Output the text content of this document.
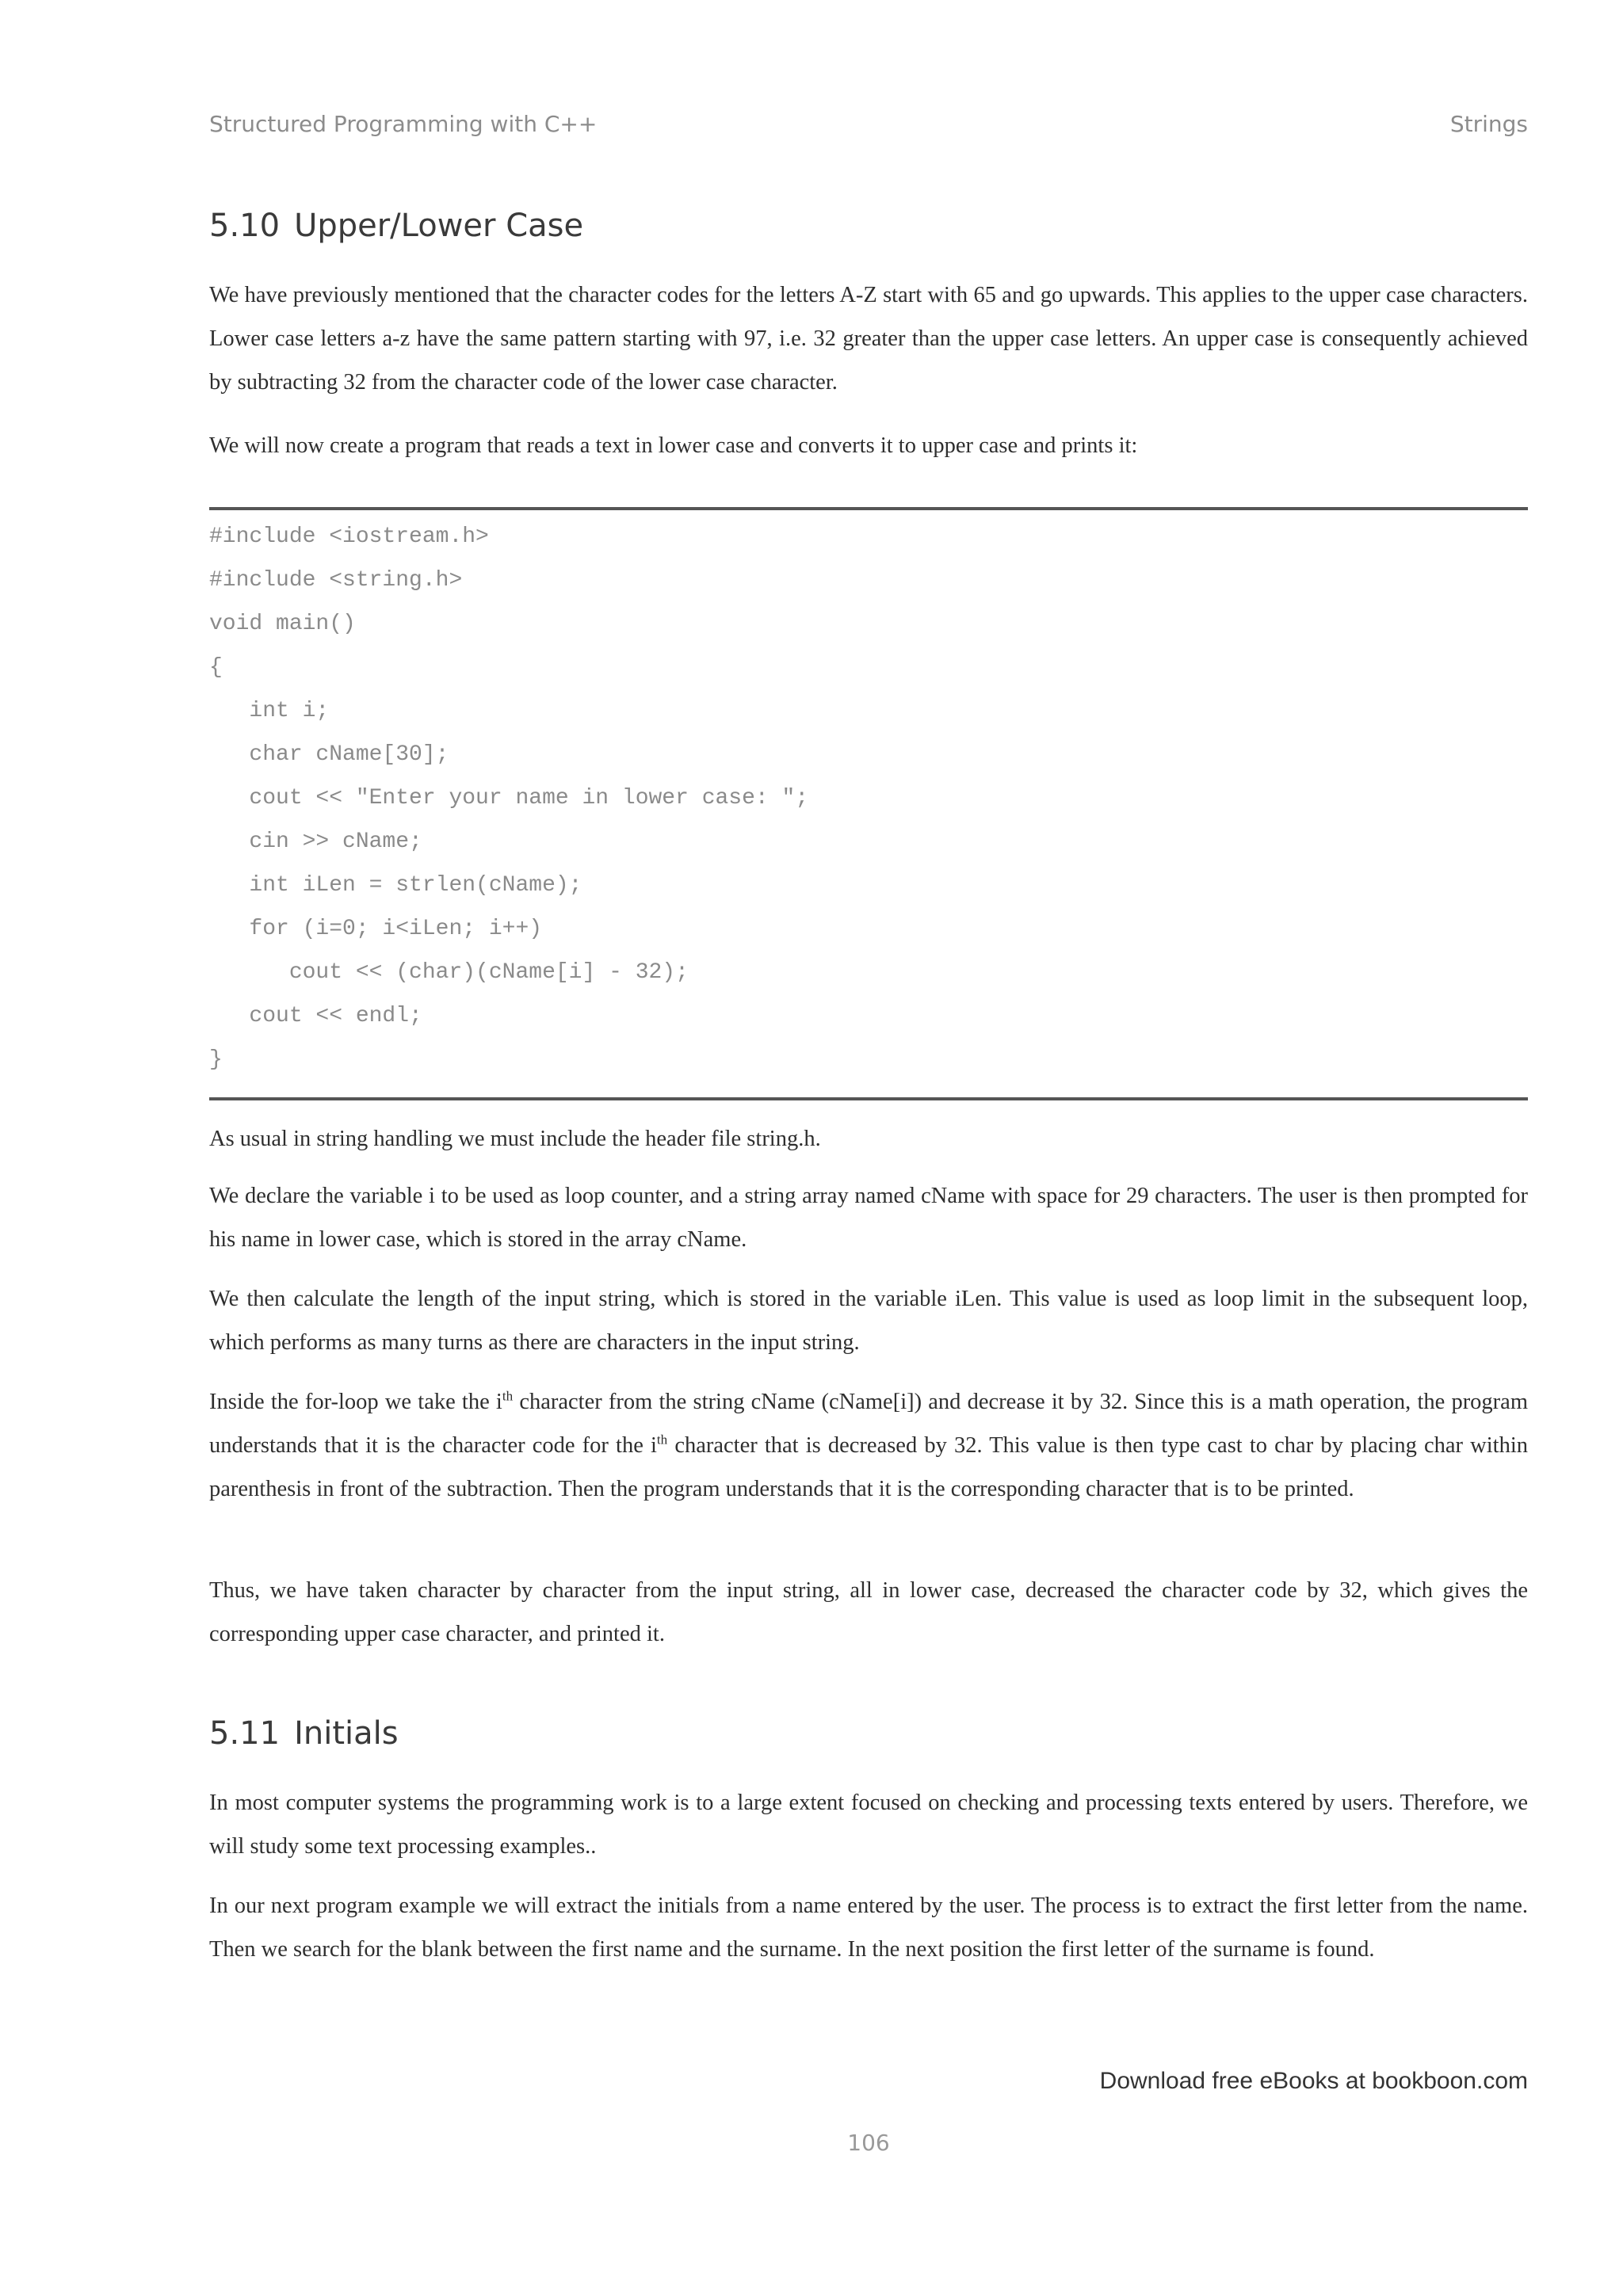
Structured Programming with C++	Strings
5.10 Upper/Lower Case

We have previously mentioned that the character codes for the letters A-Z start with 65 and go upwards. This applies to the upper case characters. Lower case letters a-z have the same pattern starting with 97, i.e. 32 greater than the upper case letters. An upper case is consequently achieved by subtracting 32 from the character code of the lower case character.

We will now create a program that reads a text in lower case and converts it to upper case and prints it:

#include <iostream.h>
#include <string.h>
void main()
{
int i;
char cName[30];
cout << "Enter your name in lower case: ";
cin >> cName;
int iLen = strlen(cName);
for (i=0; i<iLen; i++)
cout << (char)(cName[i] - 32);
cout << endl;
}

As usual in string handling we must include the header file string.h.

We declare the variable i to be used as loop counter, and a string array named cName with space for 29 characters. The user is then prompted for his name in lower case, which is stored in the array cName.

We then calculate the length of the input string, which is stored in the variable iLen. This value is used as loop limit in the subsequent loop, which performs as many turns as there are characters in the input string.

Inside the for-loop we take the $i^{th}$ character from the string cName (cName[i]) and decrease it by 32. Since this is a math operation, the program understands that it is the character code for the $i^{th}$ character that is decreased by 32. This value is then type cast to char by placing char within parenthesis in front of the subtraction. Then the program understands that it is the corresponding character that is to be printed.

Thus, we have taken character by character from the input string, all in lower case, decreased the character code by 32, which gives the corresponding upper case character, and printed it.

5.11 Initials

In most computer systems the programming work is to a large extent focused on checking and processing texts entered by users. Therefore, we will study some text processing examples..

In our next program example we will extract the initials from a name entered by the user. The process is to extract the first letter from the name. Then we search for the blank between the first name and the surname. In the next position the first letter of the surname is found.

Download free eBooks at bookboon.com
106
